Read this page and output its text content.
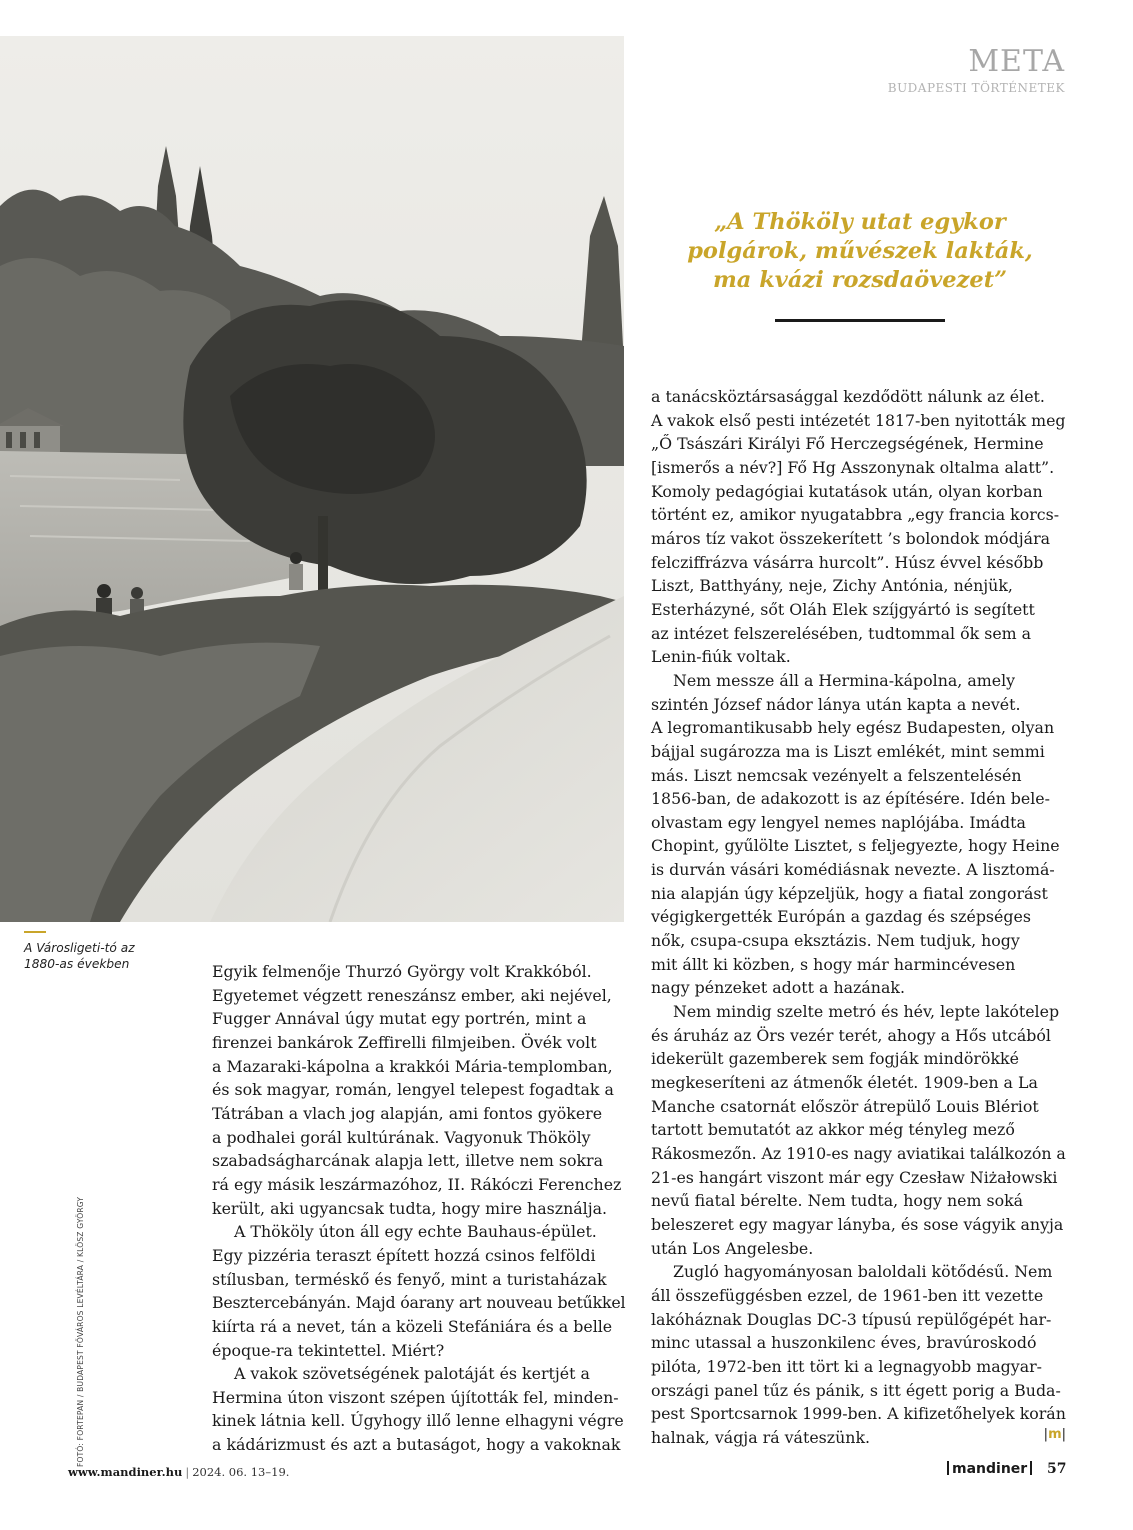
META
BUDAPESTI TÖRTÉNETEK
„A Thököly utat egykor
polgárok, művészek lakták,
ma kvázi rozsdaövezet”
A Városligeti-tó az
1880-as években
FOTÓ: FORTEPAN / BUDAPEST FŐVÁROS LEVÉLTÁRA / KLÖSZ GYÖRGY

Egyik felmenője Thurzó György volt Krakkóból.
Egyetemet végzett reneszánsz ember, aki nejével,
Fugger Annával úgy mutat egy portrén, mint a
firenzei bankárok Zeffirelli filmjeiben. Övék volt
a Mazaraki-kápolna a krakkói Mária-templomban,
és sok magyar, román, lengyel telepest fogadtak a
Tátrában a vlach jog alapján, ami fontos gyökere
a podhalei gorál kultúrának. Vagyonuk Thököly
szabadságharcának alapja lett, illetve nem sokra
rá egy másik leszármazóhoz, II. Rákóczi Ferenchez
került, aki ugyancsak tudta, hogy mire használja.

A Thököly úton áll egy echte Bauhaus-épület.
Egy pizzéria teraszt épített hozzá csinos felföldi
stílusban, terméskő és fenyő, mint a turistaházak
Besztercebányán. Majd óarany art nouveau betűkkel
kiírta rá a nevet, tán a közeli Stefániára és a belle
époque-ra tekintettel. Miért?

A vakok szövetségének palotáját és kertjét a
Hermina úton viszont szépen újították fel, minden-
kinek látnia kell. Úgyhogy illő lenne elhagyni végre
a kádárizmust és azt a butaságot, hogy a vakoknak

a tanácsköztársasággal kezdődött nálunk az élet.
A vakok első pesti intézetét 1817-ben nyitották meg
„Ő Tsászári Királyi Fő Herczegségének, Hermine
[ismerős a név?] Fő Hg Asszonynak oltalma alatt”.
Komoly pedagógiai kutatások után, olyan korban
történt ez, amikor nyugatabbra „egy francia korcs-
máros tíz vakot összekerített ’s bolondok módjára
felcziffrázva vásárra hurcolt”. Húsz évvel később
Liszt, Batthyány, neje, Zichy Antónia, nénjük,
Esterházyné, sőt Oláh Elek szíjgyártó is segített
az intézet felszerelésében, tudtommal ők sem a
Lenin-fiúk voltak.

Nem messze áll a Hermina-kápolna, amely
szintén József nádor lánya után kapta a nevét.
A legromantikusabb hely egész Budapesten, olyan
bájjal sugározza ma is Liszt emlékét, mint semmi
más. Liszt nemcsak vezényelt a felszentelésén
1856-ban, de adakozott is az építésére. Idén bele-
olvastam egy lengyel nemes naplójába. Imádta
Chopint, gyűlölte Lisztet, s feljegyezte, hogy Heine
is durván vásári komédiásnak nevezte. A lisztomá-
nia alapján úgy képzeljük, hogy a fiatal zongorást
végigkergették Európán a gazdag és szépséges
nők, csupa-csupa eksztázis. Nem tudjuk, hogy
mit állt ki közben, s hogy már harmincévesen
nagy pénzeket adott a hazának.

Nem mindig szelte metró és hév, lepte lakótelep
és áruház az Örs vezér terét, ahogy a Hős utcából
idekerült gazemberek sem fogják mindörökké
megkeseríteni az átmenők életét. 1909-ben a La
Manche csatornát először átrepülő Louis Blériot
tartott bemutatót az akkor még tényleg mező
Rákosmezőn. Az 1910-es nagy aviatikai találkozón a
21-es hangárt viszont már egy Czesław Niżałowski
nevű fiatal bérelte. Nem tudta, hogy nem soká
beleszeret egy magyar lányba, és sose vágyik anyja
után Los Angelesbe.

Zugló hagyományosan baloldali kötődésű. Nem
áll összefüggésben ezzel, de 1961-ben itt vezette
lakóháznak Douglas DC-3 típusú repülőgépét har-
minc utassal a huszonkilenc éves, bravúroskodó
pilóta, 1972-ben itt tört ki a legnagyobb magyar-
országi panel tűz és pánik, s itt égett porig a Buda-
pest Sportcsarnok 1999-ben. A kifizetőhelyek korán
halnak, vágja rá váteszünk.	|m|

www.mandiner.hu | 2024. 06. 13–19.	mandiner	57
